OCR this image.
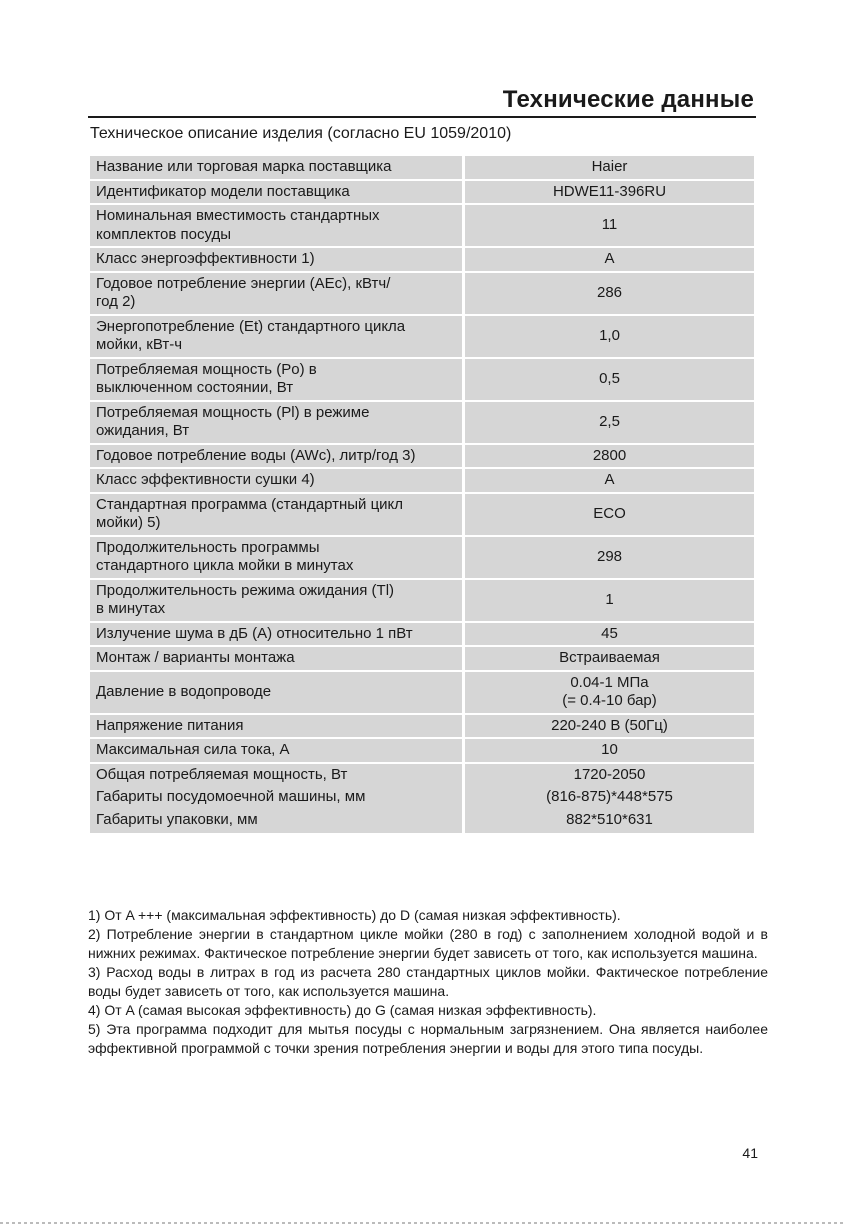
Технические данные
Техническое описание изделия (согласно EU 1059/2010)
Название или торговая марка поставщика	Haier
Идентификатор модели поставщика	HDWE11-396RU
Номинальная вместимость стандартных
комплектов посуды	11
Класс энергоэффективности 1)	A
Годовое потребление энергии (AEc), кВтч/
год 2)	286
Энергопотребление (Et) стандартного цикла
мойки, кВт-ч	1,0
Потребляемая мощность (Po) в
выключенном состоянии, Вт	0,5
Потребляемая мощность (Pl) в режиме
ожидания, Вт	2,5
Годовое потребление воды (AWc), литр/год 3)	2800
Класс эффективности сушки 4)	A
Стандартная программа (стандартный цикл
мойки) 5)	ECO
Продолжительность программы
стандартного цикла мойки в минутах	298
Продолжительность режима ожидания (Tl)
в минутах	1
Излучение шума в дБ (A) относительно 1 пВт	45
Монтаж / варианты монтажа	Встраиваемая
Давление в водопроводе	0.04-1 МПа
(= 0.4-10 бар)
Напряжение питания	220-240 В (50Гц)
Максимальная сила тока, А	10
Общая потребляемая мощность, Вт	1720-2050
Габариты посудомоечной машины, мм	(816-875)*448*575
Габариты упаковки, мм	882*510*631

1) От A +++ (максимальная эффективность) до D (самая низкая эффективность).

2) Потребление энергии в стандартном цикле мойки (280 в год) с заполнением холодной водой и в нижних режимах. Фактическое потребление энергии будет зависеть от того, как используется машина.

3) Расход воды в литрах в год из расчета 280 стандартных циклов мойки. Фактическое потребление воды будет зависеть от того, как используется машина.

4) От A (самая высокая эффективность) до G (самая низкая эффективность).

5) Эта программа подходит для мытья посуды с нормальным загрязнением. Она является наиболее эффективной программой с точки зрения потребления энергии и воды для этого типа посуды.

41
